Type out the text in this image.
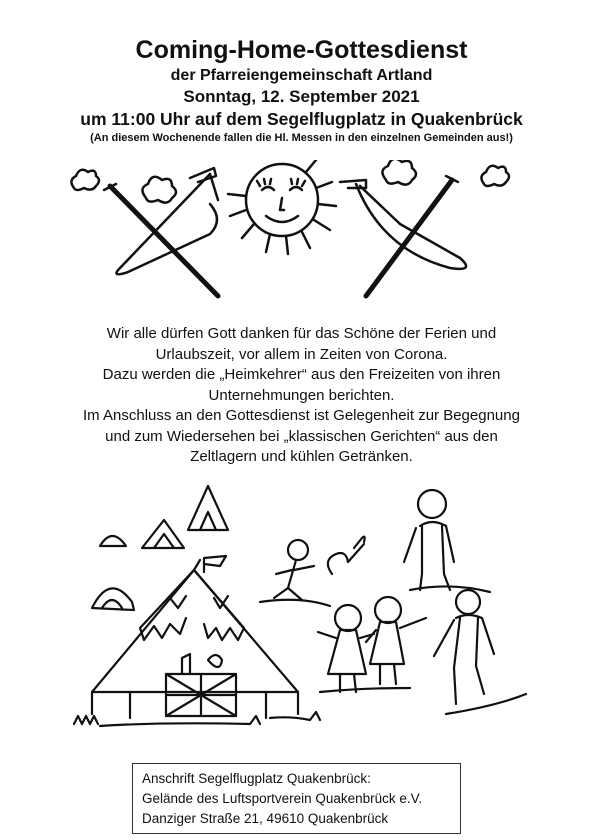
Coming-Home-Gottesdienst
der Pfarreiengemeinschaft Artland
Sonntag, 12. September 2021
um 11:00 Uhr auf dem Segelflugplatz in Quakenbrück
(An diesem Wochenende fallen die Hl. Messen in den einzelnen Gemeinden aus!)
Wir alle dürfen Gott danken für das Schöne der Ferien und
Urlaubszeit, vor allem in Zeiten von Corona.
Dazu werden die „Heimkehrer“ aus den Freizeiten von ihren
Unternehmungen berichten.
Im Anschluss an den Gottesdienst ist Gelegenheit zur Begegnung
und zum Wiedersehen bei „klassischen Gerichten“ aus den
Zeltlagern und kühlen Getränken.
Anschrift Segelflugplatz Quakenbrück:
Gelände des Luftsportverein Quakenbrück e.V.
Danziger Straße 21, 49610 Quakenbrück
